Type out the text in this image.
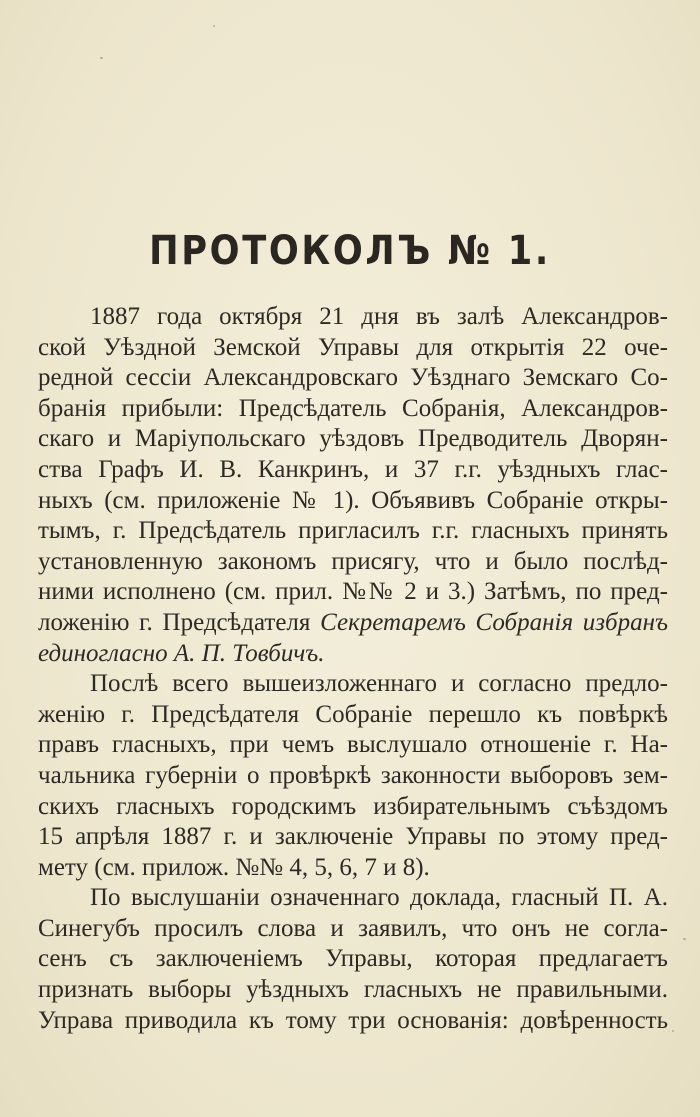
ПРОТОКОЛЪ № 1.
1887 года октября 21 дня въ залѣ Александров-
ской Уѣздной Земской Управы для открытія 22 оче-
редной сессіи Александровскаго Уѣзднаго Земскаго Со-
бранія прибыли: Предсѣдатель Собранія, Александров-
скаго и Маріупольскаго уѣздовъ Предводитель Дворян-
ства Графъ И. В. Канкринъ, и 37 г.г. уѣздныхъ глас-
ныхъ (см. приложеніе № 1). Объявивъ Собраніе откры-
тымъ, г. Предсѣдатель пригласилъ г.г. гласныхъ принять
установленную закономъ присягу, что и было послѣд-
ними исполнено (см. прил. №№ 2 и 3.) Затѣмъ, по пред-
ложенію г. Предсѣдателя Секретаремъ Собранія избранъ
единогласно А. П. Товбичъ.
Послѣ всего вышеизложеннаго и согласно предло-
женію г. Предсѣдателя Собраніе перешло къ повѣркѣ
правъ гласныхъ, при чемъ выслушало отношеніе г. На-
чальника губерніи о провѣркѣ законности выборовъ зем-
скихъ гласныхъ городскимъ избирательнымъ съѣздомъ
15 апрѣля 1887 г. и заключеніе Управы по этому пред-
мету (см. прилож. №№ 4, 5, 6, 7 и 8).
По выслушаніи означеннаго доклада, гласный П. А.
Синегубъ просилъ слова и заявилъ, что онъ не согла-
сенъ съ заключеніемъ Управы, которая предлагаетъ
признать выборы уѣздныхъ гласныхъ не правильными.
Управа приводила къ тому три основанія: довѣренность
